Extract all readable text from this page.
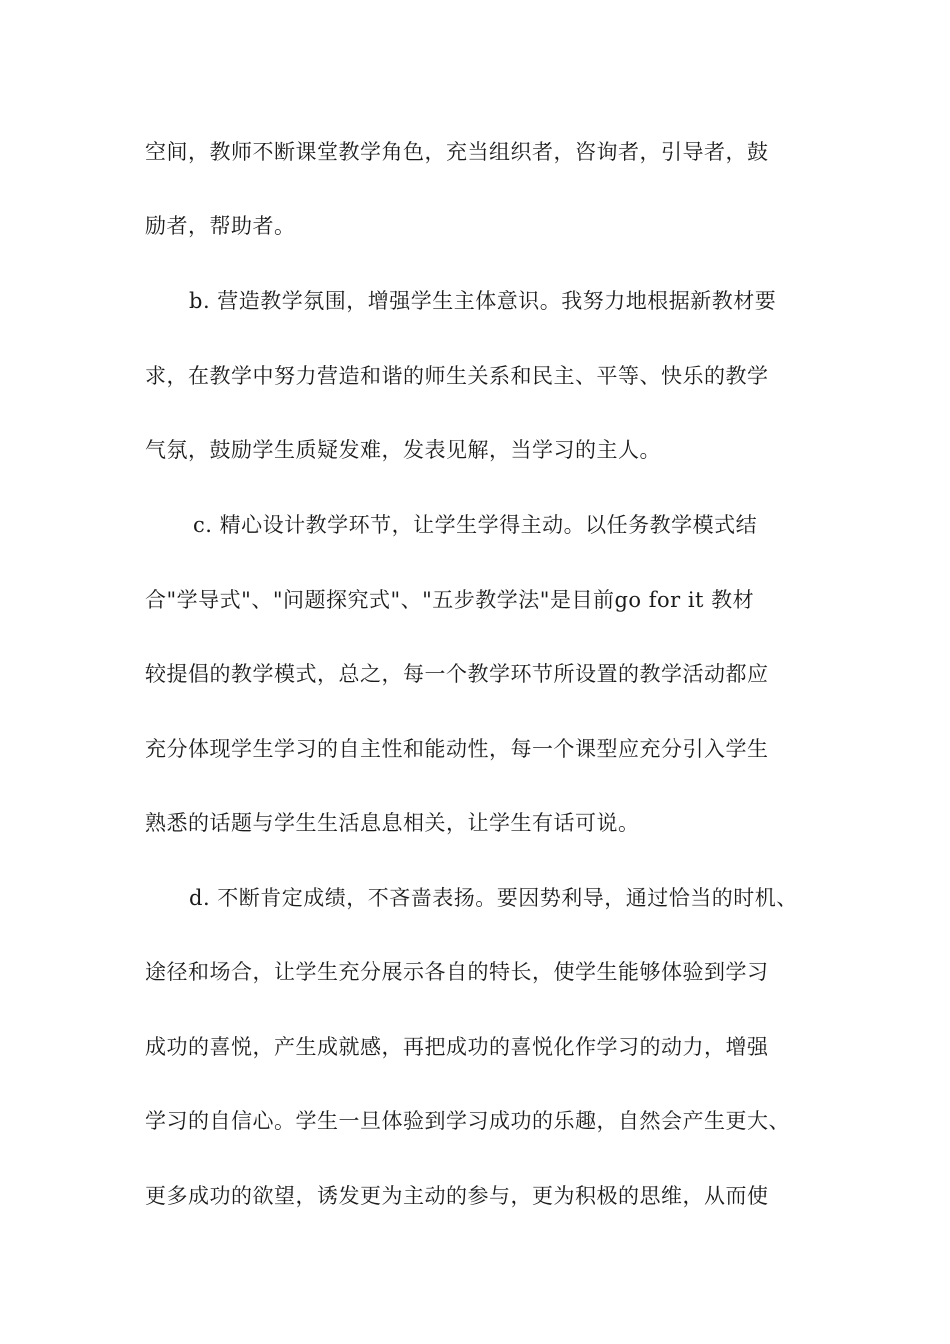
空间，教师不断课堂教学角色，充当组织者，咨询者，引导者，鼓

励者，帮助者。

b. 营造教学氛围，增强学生主体意识。我努力地根据新教材要

求，在教学中努力营造和谐的师生关系和民主、平等、快乐的教学

气氛，鼓励学生质疑发难，发表见解，当学习的主人。

c. 精心设计教学环节，让学生学得主动。以任务教学模式结

合"学导式"、"问题探究式"、"五步教学法"是目前go for it 教材

较提倡的教学模式，总之，每一个教学环节所设置的教学活动都应

充分体现学生学习的自主性和能动性，每一个课型应充分引入学生

熟悉的话题与学生生活息息相关，让学生有话可说。

d. 不断肯定成绩，不吝啬表扬。要因势利导，通过恰当的时机、

途径和场合，让学生充分展示各自的特长，使学生能够体验到学习

成功的喜悦，产生成就感，再把成功的喜悦化作学习的动力，增强

学习的自信心。学生一旦体验到学习成功的乐趣，自然会产生更大、

更多成功的欲望，诱发更为主动的参与，更为积极的思维，从而使
